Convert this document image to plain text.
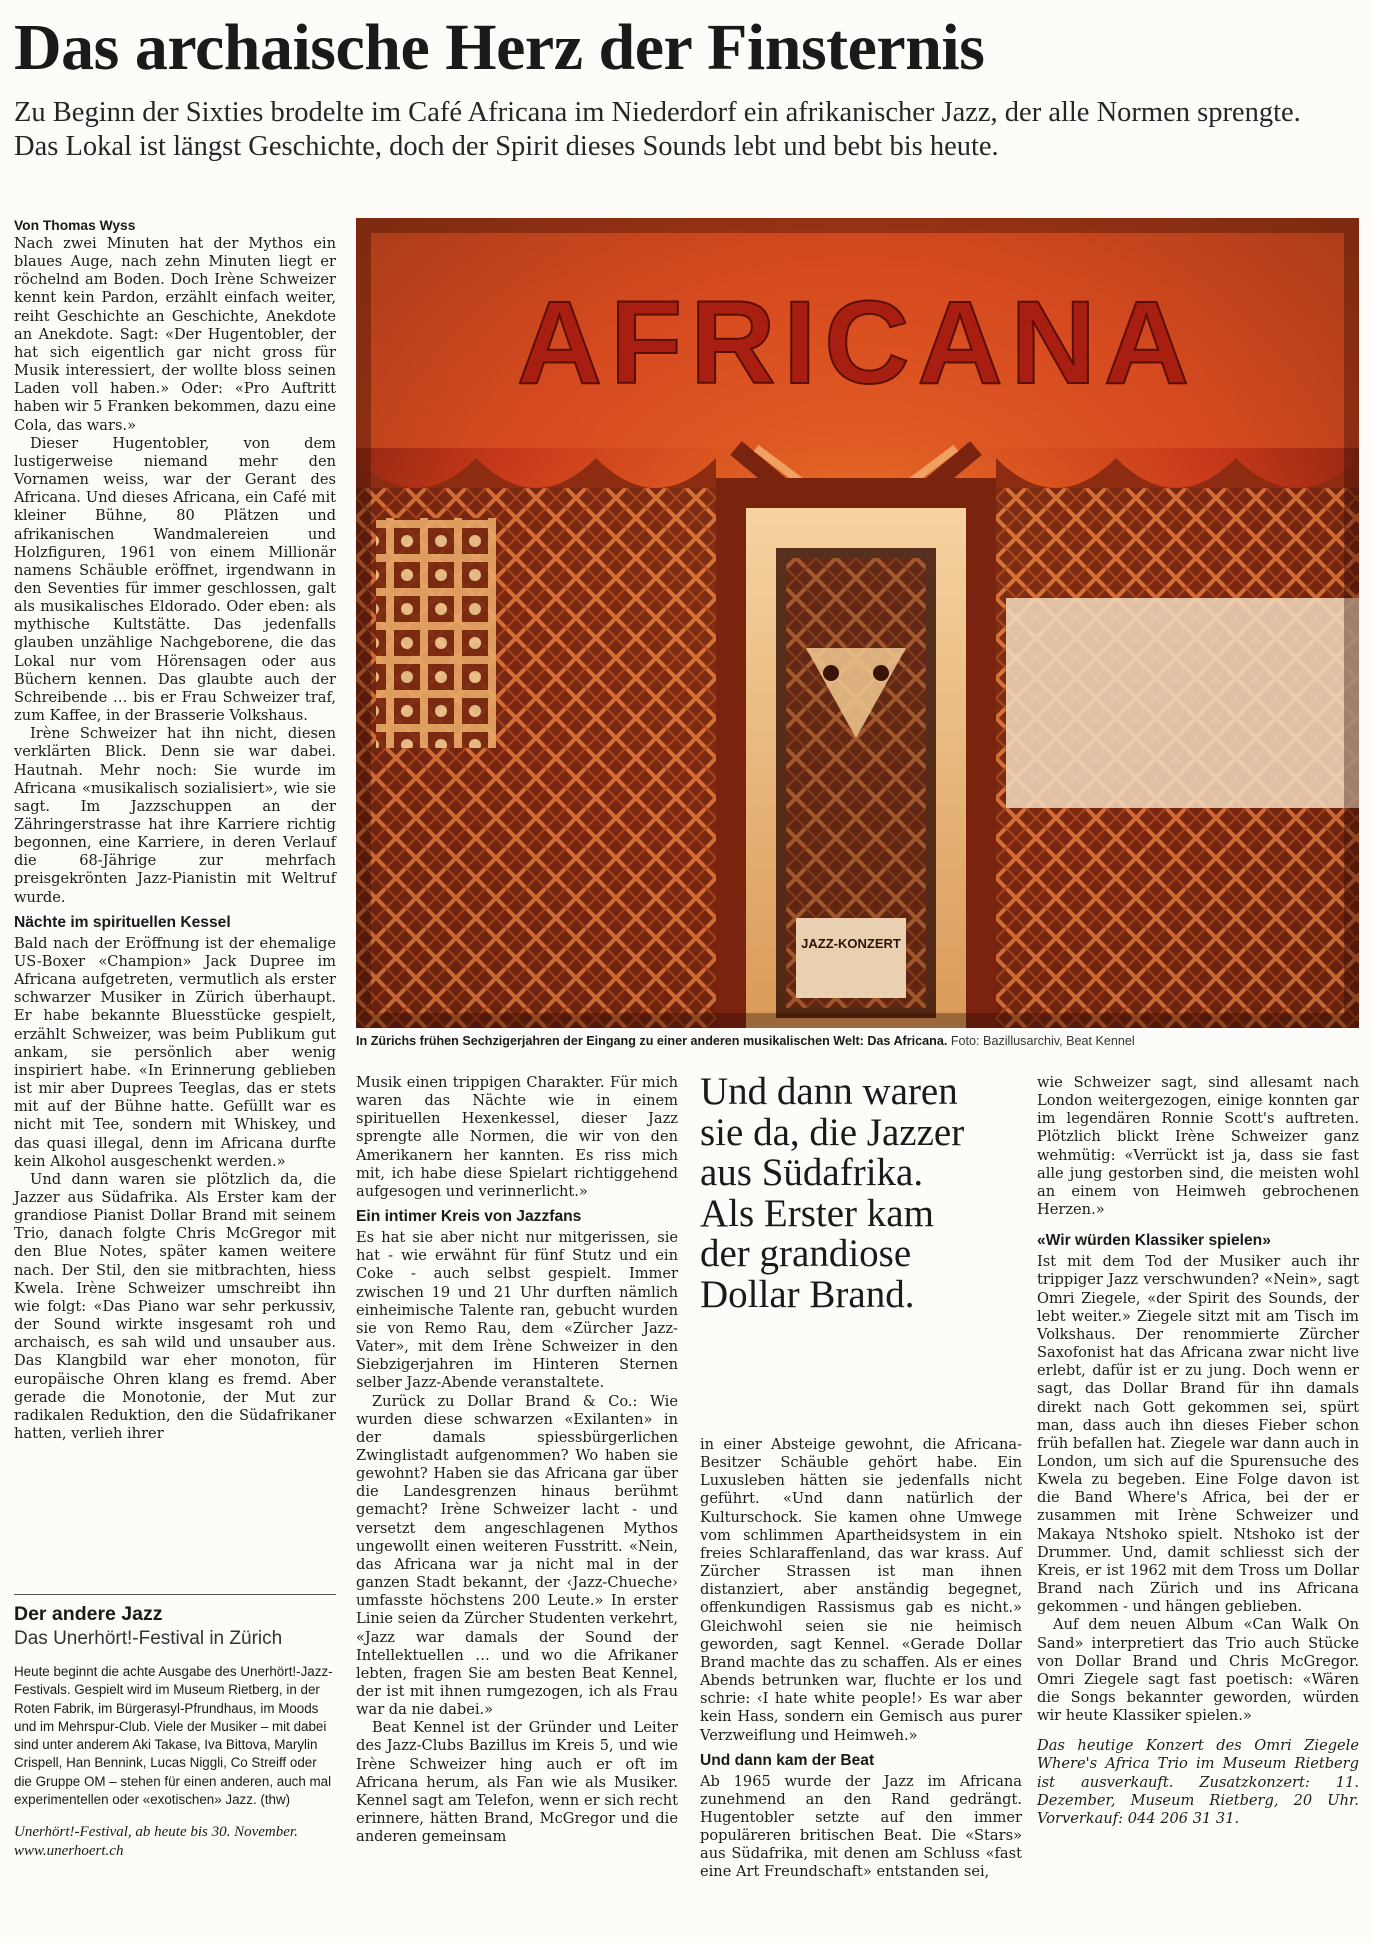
Das archaische Herz der Finsternis
Zu Beginn der Sixties brodelte im Café Africana im Niederdorf ein afrikanischer Jazz, der alle Normen sprengte.
Das Lokal ist längst Geschichte, doch der Spirit dieses Sounds lebt und bebt bis heute.
Von Thomas Wyss

Nach zwei Minuten hat der Mythos ein blaues Auge, nach zehn Minuten liegt er röchelnd am Boden. Doch Irène Schweizer kennt kein Pardon, erzählt einfach weiter, reiht Geschichte an Geschichte, Anekdote an Anekdote. Sagt: «Der Hugentobler, der hat sich eigentlich gar nicht gross für Musik interessiert, der wollte bloss seinen Laden voll haben.» Oder: «Pro Auftritt haben wir 5 Franken bekommen, dazu eine Cola, das wars.»

Dieser Hugentobler, von dem lustigerweise niemand mehr den Vornamen weiss, war der Gerant des Africana. Und dieses Africana, ein Café mit kleiner Bühne, 80 Plätzen und afrikanischen Wandmalereien und Holzfiguren, 1961 von einem Millionär namens Schäuble eröffnet, irgendwann in den Seventies für immer geschlossen, galt als musikalisches Eldorado. Oder eben: als mythische Kultstätte. Das jedenfalls glauben unzählige Nachgeborene, die das Lokal nur vom Hörensagen oder aus Büchern kennen. Das glaubte auch der Schreibende … bis er Frau Schweizer traf, zum Kaffee, in der Brasserie Volkshaus.

Irène Schweizer hat ihn nicht, diesen verklärten Blick. Denn sie war dabei. Hautnah. Mehr noch: Sie wurde im Africana «musikalisch sozialisiert», wie sie sagt. Im Jazzschuppen an der Zähringerstrasse hat ihre Karriere richtig begonnen, eine Karriere, in deren Verlauf die 68-Jährige zur mehrfach preisgekrönten Jazz-Pianistin mit Weltruf wurde.

Nächte im spirituellen Kessel

Bald nach der Eröffnung ist der ehemalige US-Boxer «Champion» Jack Dupree im Africana aufgetreten, vermutlich als erster schwarzer Musiker in Zürich überhaupt. Er habe bekannte Bluesstücke gespielt, erzählt Schweizer, was beim Publikum gut ankam, sie persönlich aber wenig inspiriert habe. «In Erinnerung geblieben ist mir aber Duprees Teeglas, das er stets mit auf der Bühne hatte. Gefüllt war es nicht mit Tee, sondern mit Whiskey, und das quasi illegal, denn im Africana durfte kein Alkohol ausgeschenkt werden.»

Und dann waren sie plötzlich da, die Jazzer aus Südafrika. Als Erster kam der grandiose Pianist Dollar Brand mit seinem Trio, danach folgte Chris McGregor mit den Blue Notes, später kamen weitere nach. Der Stil, den sie mitbrachten, hiess Kwela. Irène Schweizer umschreibt ihn wie folgt: «Das Piano war sehr perkussiv, der Sound wirkte insgesamt roh und archaisch, es sah wild und unsauber aus. Das Klangbild war eher monoton, für europäische Ohren klang es fremd. Aber gerade die Monotonie, der Mut zur radikalen Reduktion, den die Südafrikaner hatten, verlieh ihrer

Der andere Jazz
Das Unerhört!-Festival in Zürich
Heute beginnt die achte Ausgabe des Unerhört!-Jazz-Festivals. Gespielt wird im Museum Rietberg, in der Roten Fabrik, im Bürgerasyl-Pfrundhaus, im Moods und im Mehrspur-Club. Viele der Musiker – mit dabei sind unter anderem Aki Takase, Iva Bittova, Marylin Crispell, Han Bennink, Lucas Niggli, Co Streiff oder die Gruppe OM – stehen für einen anderen, auch mal experimentellen oder «exotischen» Jazz. (thw)
Unerhört!-Festival, ab heute bis 30. November. www.unerhoert.ch
JAZZ-KONZERT
AFRICANA
In Zürichs frühen Sechzigerjahren der Eingang zu einer anderen musikalischen Welt: Das Africana. Foto: Bazillusarchiv, Beat Kennel

Musik einen trippigen Charakter. Für mich waren das Nächte wie in einem spirituellen Hexenkessel, dieser Jazz sprengte alle Normen, die wir von den Amerikanern her kannten. Es riss mich mit, ich habe diese Spielart richtiggehend aufgesogen und verinnerlicht.»

Ein intimer Kreis von Jazzfans

Es hat sie aber nicht nur mitgerissen, sie hat - wie erwähnt für fünf Stutz und ein Coke - auch selbst gespielt. Immer zwischen 19 und 21 Uhr durften nämlich einheimische Talente ran, gebucht wurden sie von Remo Rau, dem «Zürcher Jazz-Vater», mit dem Irène Schweizer in den Siebzigerjahren im Hinteren Sternen selber Jazz-Abende veranstaltete.

Zurück zu Dollar Brand & Co.: Wie wurden diese schwarzen «Exilanten» in der damals spiessbürgerlichen Zwinglistadt aufgenommen? Wo haben sie gewohnt? Haben sie das Africana gar über die Landesgrenzen hinaus berühmt gemacht? Irène Schweizer lacht - und versetzt dem angeschlagenen Mythos ungewollt einen weiteren Fusstritt. «Nein, das Africana war ja nicht mal in der ganzen Stadt bekannt, der ‹Jazz-Chueche› umfasste höchstens 200 Leute.» In erster Linie seien da Zürcher Studenten verkehrt, «Jazz war damals der Sound der Intellektuellen … und wo die Afrikaner lebten, fragen Sie am besten Beat Kennel, der ist mit ihnen rumgezogen, ich als Frau war da nie dabei.»

Beat Kennel ist der Gründer und Leiter des Jazz-Clubs Bazillus im Kreis 5, und wie Irène Schweizer hing auch er oft im Africana herum, als Fan wie als Musiker. Kennel sagt am Telefon, wenn er sich recht erinnere, hätten Brand, McGregor und die anderen gemeinsam

Und dann waren
sie da, die Jazzer
aus Südafrika.
Als Erster kam
der grandiose
Dollar Brand.

in einer Absteige gewohnt, die Africana-Besitzer Schäuble gehört habe. Ein Luxusleben hätten sie jedenfalls nicht geführt. «Und dann natürlich der Kulturschock. Sie kamen ohne Umwege vom schlimmen Apartheidsystem in ein freies Schlaraffenland, das war krass. Auf Zürcher Strassen ist man ihnen distanziert, aber anständig begegnet, offenkundigen Rassismus gab es nicht.» Gleichwohl seien sie nie heimisch geworden, sagt Kennel. «Gerade Dollar Brand machte das zu schaffen. Als er eines Abends betrunken war, fluchte er los und schrie: ‹I hate white people!› Es war aber kein Hass, sondern ein Gemisch aus purer Verzweiflung und Heimweh.»

Und dann kam der Beat

Ab 1965 wurde der Jazz im Africana zunehmend an den Rand gedrängt. Hugentobler setzte auf den immer populäreren britischen Beat. Die «Stars» aus Südafrika, mit denen am Schluss «fast eine Art Freundschaft» entstanden sei,

wie Schweizer sagt, sind allesamt nach London weitergezogen, einige konnten gar im legendären Ronnie Scott's auftreten. Plötzlich blickt Irène Schweizer ganz wehmütig: «Verrückt ist ja, dass sie fast alle jung gestorben sind, die meisten wohl an einem von Heimweh gebrochenen Herzen.»

«Wir würden Klassiker spielen»

Ist mit dem Tod der Musiker auch ihr trippiger Jazz verschwunden? «Nein», sagt Omri Ziegele, «der Spirit des Sounds, der lebt weiter.» Ziegele sitzt mit am Tisch im Volkshaus. Der renommierte Zürcher Saxofonist hat das Africana zwar nicht live erlebt, dafür ist er zu jung. Doch wenn er sagt, das Dollar Brand für ihn damals direkt nach Gott gekommen sei, spürt man, dass auch ihn dieses Fieber schon früh befallen hat. Ziegele war dann auch in London, um sich auf die Spurensuche des Kwela zu begeben. Eine Folge davon ist die Band Where's Africa, bei der er zusammen mit Irène Schweizer und Makaya Ntshoko spielt. Ntshoko ist der Drummer. Und, damit schliesst sich der Kreis, er ist 1962 mit dem Tross um Dollar Brand nach Zürich und ins Africana gekommen - und hängen geblieben.

Auf dem neuen Album «Can Walk On Sand» interpretiert das Trio auch Stücke von Dollar Brand und Chris McGregor. Omri Ziegele sagt fast poetisch: «Wären die Songs bekannter geworden, würden wir heute Klassiker spielen.»

Das heutige Konzert des Omri Ziegele Where's Africa Trio im Museum Rietberg ist ausverkauft. Zusatzkonzert: 11. Dezember, Museum Rietberg, 20 Uhr. Vorverkauf: 044 206 31 31.
